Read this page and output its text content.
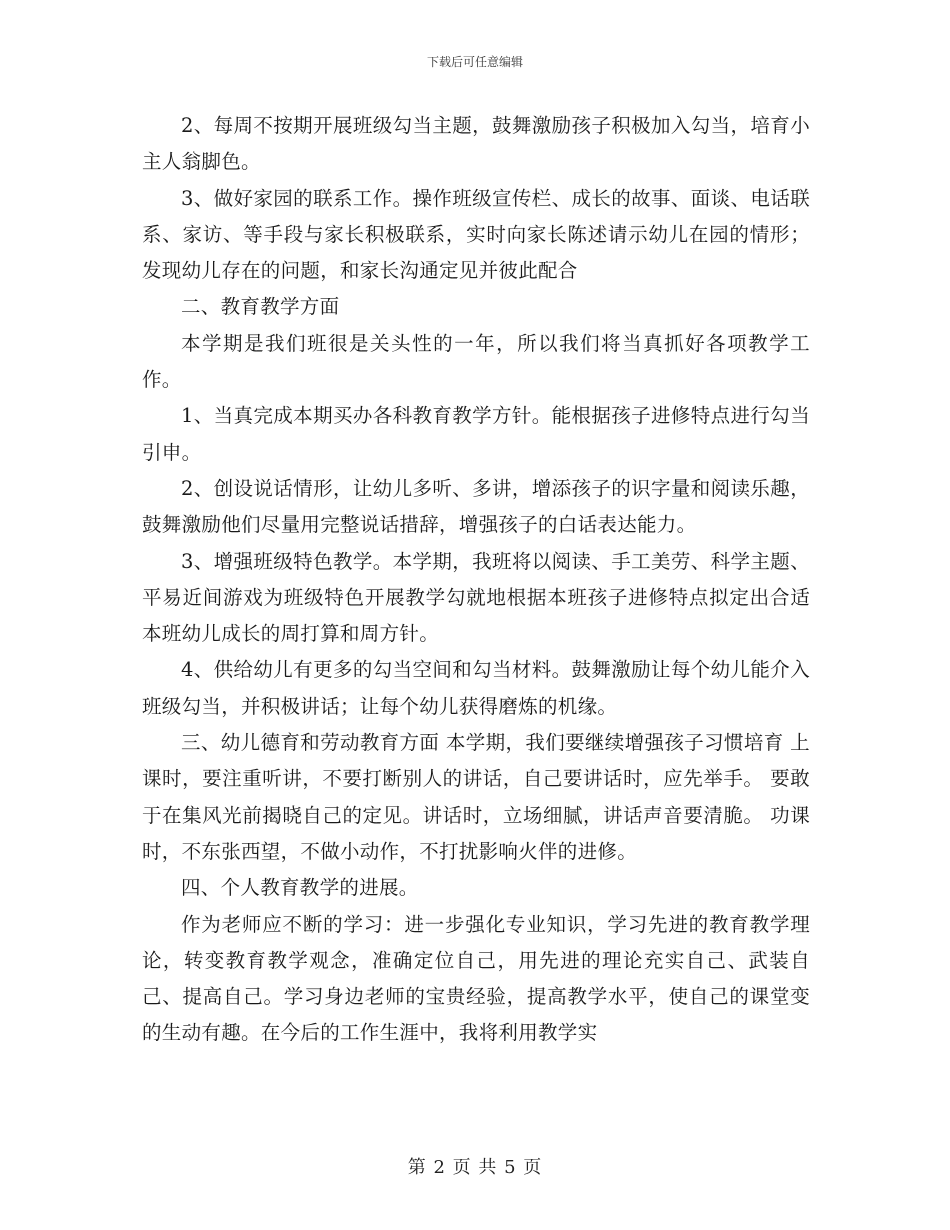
下载后可任意编辑

2、每周不按期开展班级勾当主题，鼓舞激励孩子积极加入勾当，培育小主人翁脚色。

3、做好家园的联系工作。操作班级宣传栏、成长的故事、面谈、电话联系、家访、等手段与家长积极联系，实时向家长陈述请示幼儿在园的情形；发现幼儿存在的问题，和家长沟通定见并彼此配合

二、教育教学方面

本学期是我们班很是关头性的一年，所以我们将当真抓好各项教学工作。

1、当真完成本期买办各科教育教学方针。能根据孩子进修特点进行勾当引申。

2、创设说话情形，让幼儿多听、多讲，增添孩子的识字量和阅读乐趣，鼓舞激励他们尽量用完整说话措辞，增强孩子的白话表达能力。

3、增强班级特色教学。本学期，我班将以阅读、手工美劳、科学主题、平易近间游戏为班级特色开展教学勾就地根据本班孩子进修特点拟定出合适本班幼儿成长的周打算和周方针。

4、供给幼儿有更多的勾当空间和勾当材料。鼓舞激励让每个幼儿能介入班级勾当，并积极讲话；让每个幼儿获得磨炼的机缘。

三、幼儿德育和劳动教育方面 本学期，我们要继续增强孩子习惯培育 上课时，要注重听讲，不要打断别人的讲话，自己要讲话时，应先举手。 要敢于在集风光前揭晓自己的定见。讲话时，立场细腻，讲话声音要清脆。 功课时，不东张西望，不做小动作，不打扰影响火伴的进修。

四、个人教育教学的进展。

作为老师应不断的学习：进一步强化专业知识，学习先进的教育教学理论，转变教育教学观念，准确定位自己，用先进的理论充实自己、武装自己、提高自己。学习身边老师的宝贵经验，提高教学水平，使自己的课堂变的生动有趣。在今后的工作生涯中，我将利用教学实

第 2 页 共 5 页
